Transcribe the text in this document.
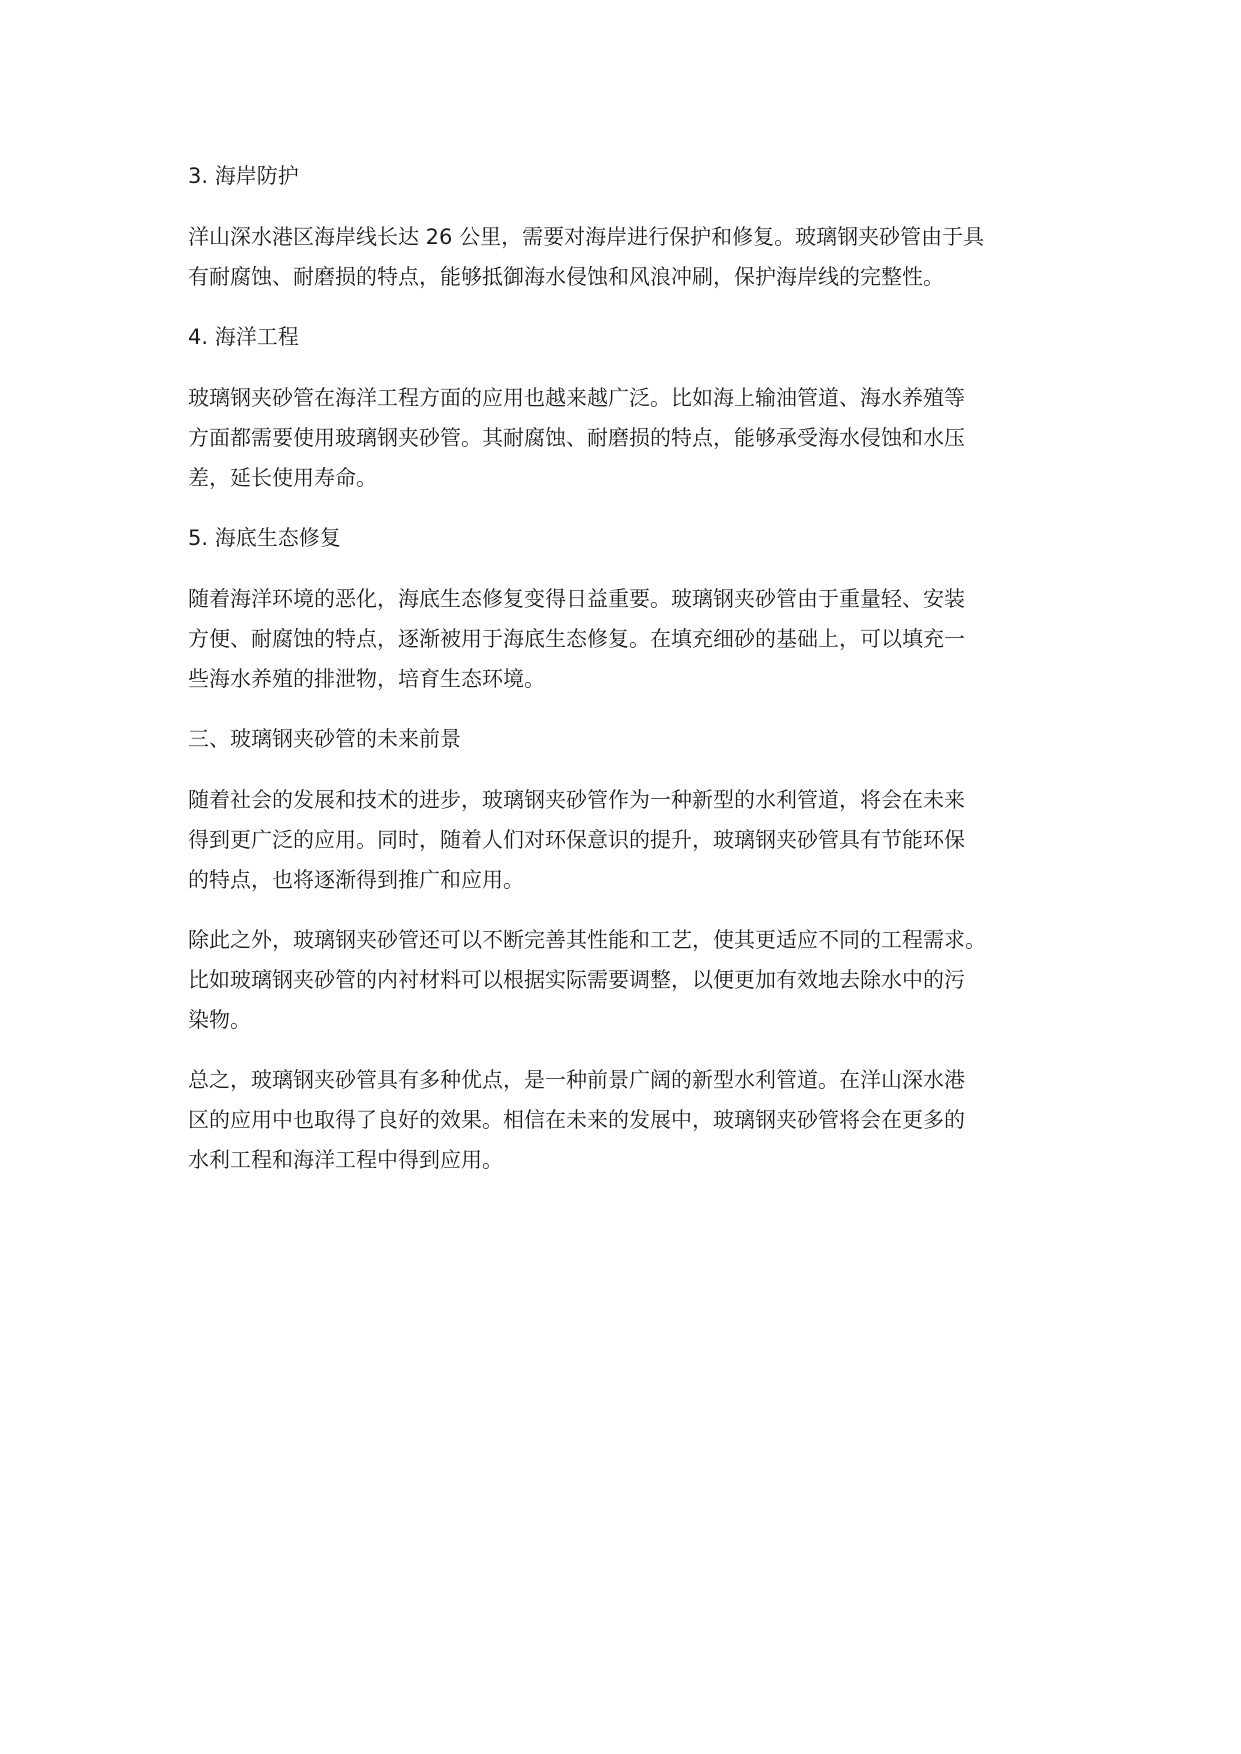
3. 海岸防护

洋山深水港区海岸线长达 26 公里，需要对海岸进行保护和修复。玻璃钢夹砂管由于具
有耐腐蚀、耐磨损的特点，能够抵御海水侵蚀和风浪冲刷，保护海岸线的完整性。

4. 海洋工程

玻璃钢夹砂管在海洋工程方面的应用也越来越广泛。比如海上输油管道、海水养殖等
方面都需要使用玻璃钢夹砂管。其耐腐蚀、耐磨损的特点，能够承受海水侵蚀和水压
差，延长使用寿命。

5. 海底生态修复

随着海洋环境的恶化，海底生态修复变得日益重要。玻璃钢夹砂管由于重量轻、安装
方便、耐腐蚀的特点，逐渐被用于海底生态修复。在填充细砂的基础上，可以填充一
些海水养殖的排泄物，培育生态环境。

三、玻璃钢夹砂管的未来前景

随着社会的发展和技术的进步，玻璃钢夹砂管作为一种新型的水利管道，将会在未来
得到更广泛的应用。同时，随着人们对环保意识的提升，玻璃钢夹砂管具有节能环保
的特点，也将逐渐得到推广和应用。

除此之外，玻璃钢夹砂管还可以不断完善其性能和工艺，使其更适应不同的工程需求。
比如玻璃钢夹砂管的内衬材料可以根据实际需要调整，以便更加有效地去除水中的污
染物。

总之，玻璃钢夹砂管具有多种优点，是一种前景广阔的新型水利管道。在洋山深水港
区的应用中也取得了良好的效果。相信在未来的发展中，玻璃钢夹砂管将会在更多的
水利工程和海洋工程中得到应用。
